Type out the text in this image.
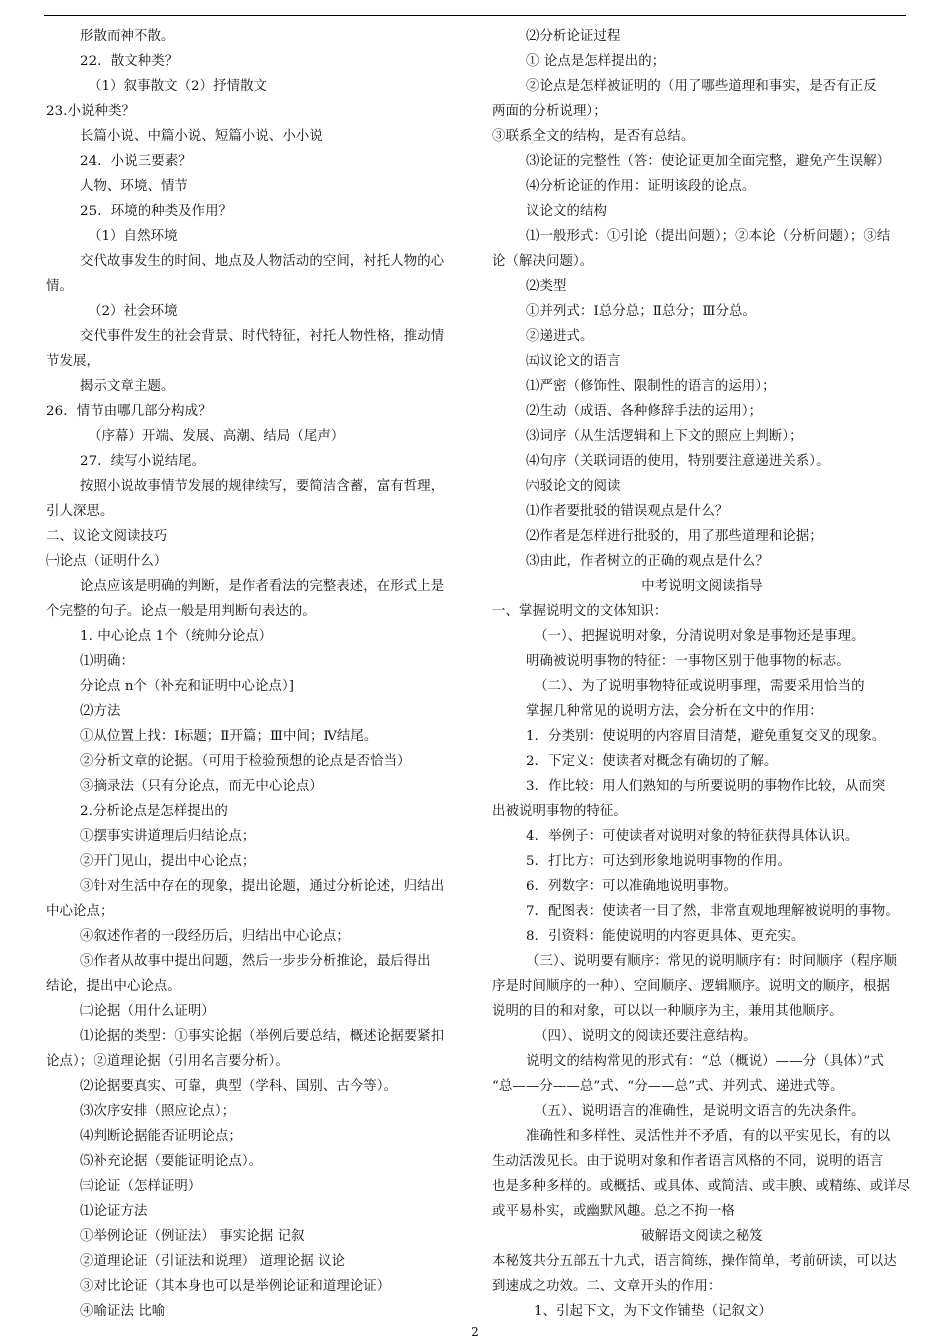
形散而神不散。
22．散文种类？
（1）叙事散文（2）抒情散文
23.小说种类？
长篇小说、中篇小说、短篇小说、小小说
24．小说三要素？
人物、环境、情节
25．环境的种类及作用？
（1）自然环境
交代故事发生的时间、地点及人物活动的空间，衬托人物的心
情。
（2）社会环境
交代事件发生的社会背景、时代特征，衬托人物性格，推动情
节发展，
揭示文章主题。
26．情节由哪几部分构成？
（序幕）开端、发展、高潮、结局（尾声）
27．续写小说结尾。
按照小说故事情节发展的规律续写，要简洁含蓄，富有哲理，
引人深思。
二、议论文阅读技巧
㈠论点（证明什么）
论点应该是明确的判断，是作者看法的完整表述，在形式上是
个完整的句子。论点一般是用判断句表达的。
1. 中心论点 1个（统帅分论点）
⑴明确：
分论点 n个（补充和证明中心论点）]
⑵方法
①从位置上找：Ⅰ标题；Ⅱ开篇；Ⅲ中间；Ⅳ结尾。
②分析文章的论据。（可用于检验预想的论点是否恰当）
③摘录法（只有分论点，而无中心论点）
2.分析论点是怎样提出的
①摆事实讲道理后归结论点；
②开门见山，提出中心论点；
③针对生活中存在的现象，提出论题，通过分析论述，归结出
中心论点；
④叙述作者的一段经历后，归结出中心论点；
⑤作者从故事中提出问题，然后一步步分析推论，最后得出
结论，提出中心论点。
㈡论据（用什么证明）
⑴论据的类型：①事实论据（举例后要总结，概述论据要紧扣
论点）；②道理论据（引用名言要分析）。
⑵论据要真实、可靠，典型（学科、国别、古今等）。
⑶次序安排（照应论点）；
⑷判断论据能否证明论点；
⑸补充论据（要能证明论点）。
㈢论证（怎样证明）
⑴论证方法
①举例论证（例证法） 事实论据 记叙
②道理论证（引证法和说理） 道理论据 议论
③对比论证（其本身也可以是举例论证和道理论证）
④喻证法 比喻
⑵分析论证过程
① 论点是怎样提出的；
②论点是怎样被证明的（用了哪些道理和事实，是否有正反
两面的分析说理）；
③联系全文的结构，是否有总结。
⑶论证的完整性（答：使论证更加全面完整，避免产生误解）
⑷分析论证的作用：证明该段的论点。
议论文的结构
⑴一般形式：①引论（提出问题）；②本论（分析问题）；③结
论（解决问题）。
⑵类型
①并列式：Ⅰ总分总；Ⅱ总分；Ⅲ分总。
②递进式。
㈤议论文的语言
⑴严密（修饰性、限制性的语言的运用）；
⑵生动（成语、各种修辞手法的运用）；
⑶词序（从生活逻辑和上下文的照应上判断）；
⑷句序（关联词语的使用，特别要注意递进关系）。
㈥驳论文的阅读
⑴作者要批驳的错误观点是什么？
⑵作者是怎样进行批驳的，用了那些道理和论据；
⑶由此，作者树立的正确的观点是什么？
中考说明文阅读指导
一、掌握说明文的文体知识：
（一）、把握说明对象，分清说明对象是事物还是事理。
明确被说明事物的特征：一事物区别于他事物的标志。
（二）、为了说明事物特征或说明事理，需要采用恰当的
掌握几种常见的说明方法，会分析在文中的作用：
1．分类别：使说明的内容眉目清楚，避免重复交叉的现象。
2．下定义：使读者对概念有确切的了解。
3．作比较：用人们熟知的与所要说明的事物作比较，从而突
出被说明事物的特征。
4．举例子：可使读者对说明对象的特征获得具体认识。
5．打比方：可达到形象地说明事物的作用。
6．列数字：可以准确地说明事物。
7．配图表：使读者一目了然，非常直观地理解被说明的事物。
8．引资料：能使说明的内容更具体、更充实。
（三）、说明要有顺序：常见的说明顺序有：时间顺序（程序顺
序是时间顺序的一种）、空间顺序、逻辑顺序。说明文的顺序，根据
说明的目的和对象，可以以一种顺序为主，兼用其他顺序。
（四）、说明文的阅读还要注意结构。
说明文的结构常见的形式有：“总（概说）——分（具体）”式
“总——分——总”式、“分——总”式、并列式、递进式等。
（五）、说明语言的准确性，是说明文语言的先决条件。
准确性和多样性、灵活性并不矛盾，有的以平实见长，有的以
生动活泼见长。由于说明对象和作者语言风格的不同，说明的语言
也是多种多样的。或概括、或具体、或简洁、或丰腴、或精练、或详尽
或平易朴实，或幽默风趣。总之不拘一格
破解语文阅读之秘笈
本秘笈共分五部五十九式，语言简练，操作简单，考前研读，可以达
到速成之功效。二、文章开头的作用：
1、引起下文，为下文作铺垫（记叙文）
2
